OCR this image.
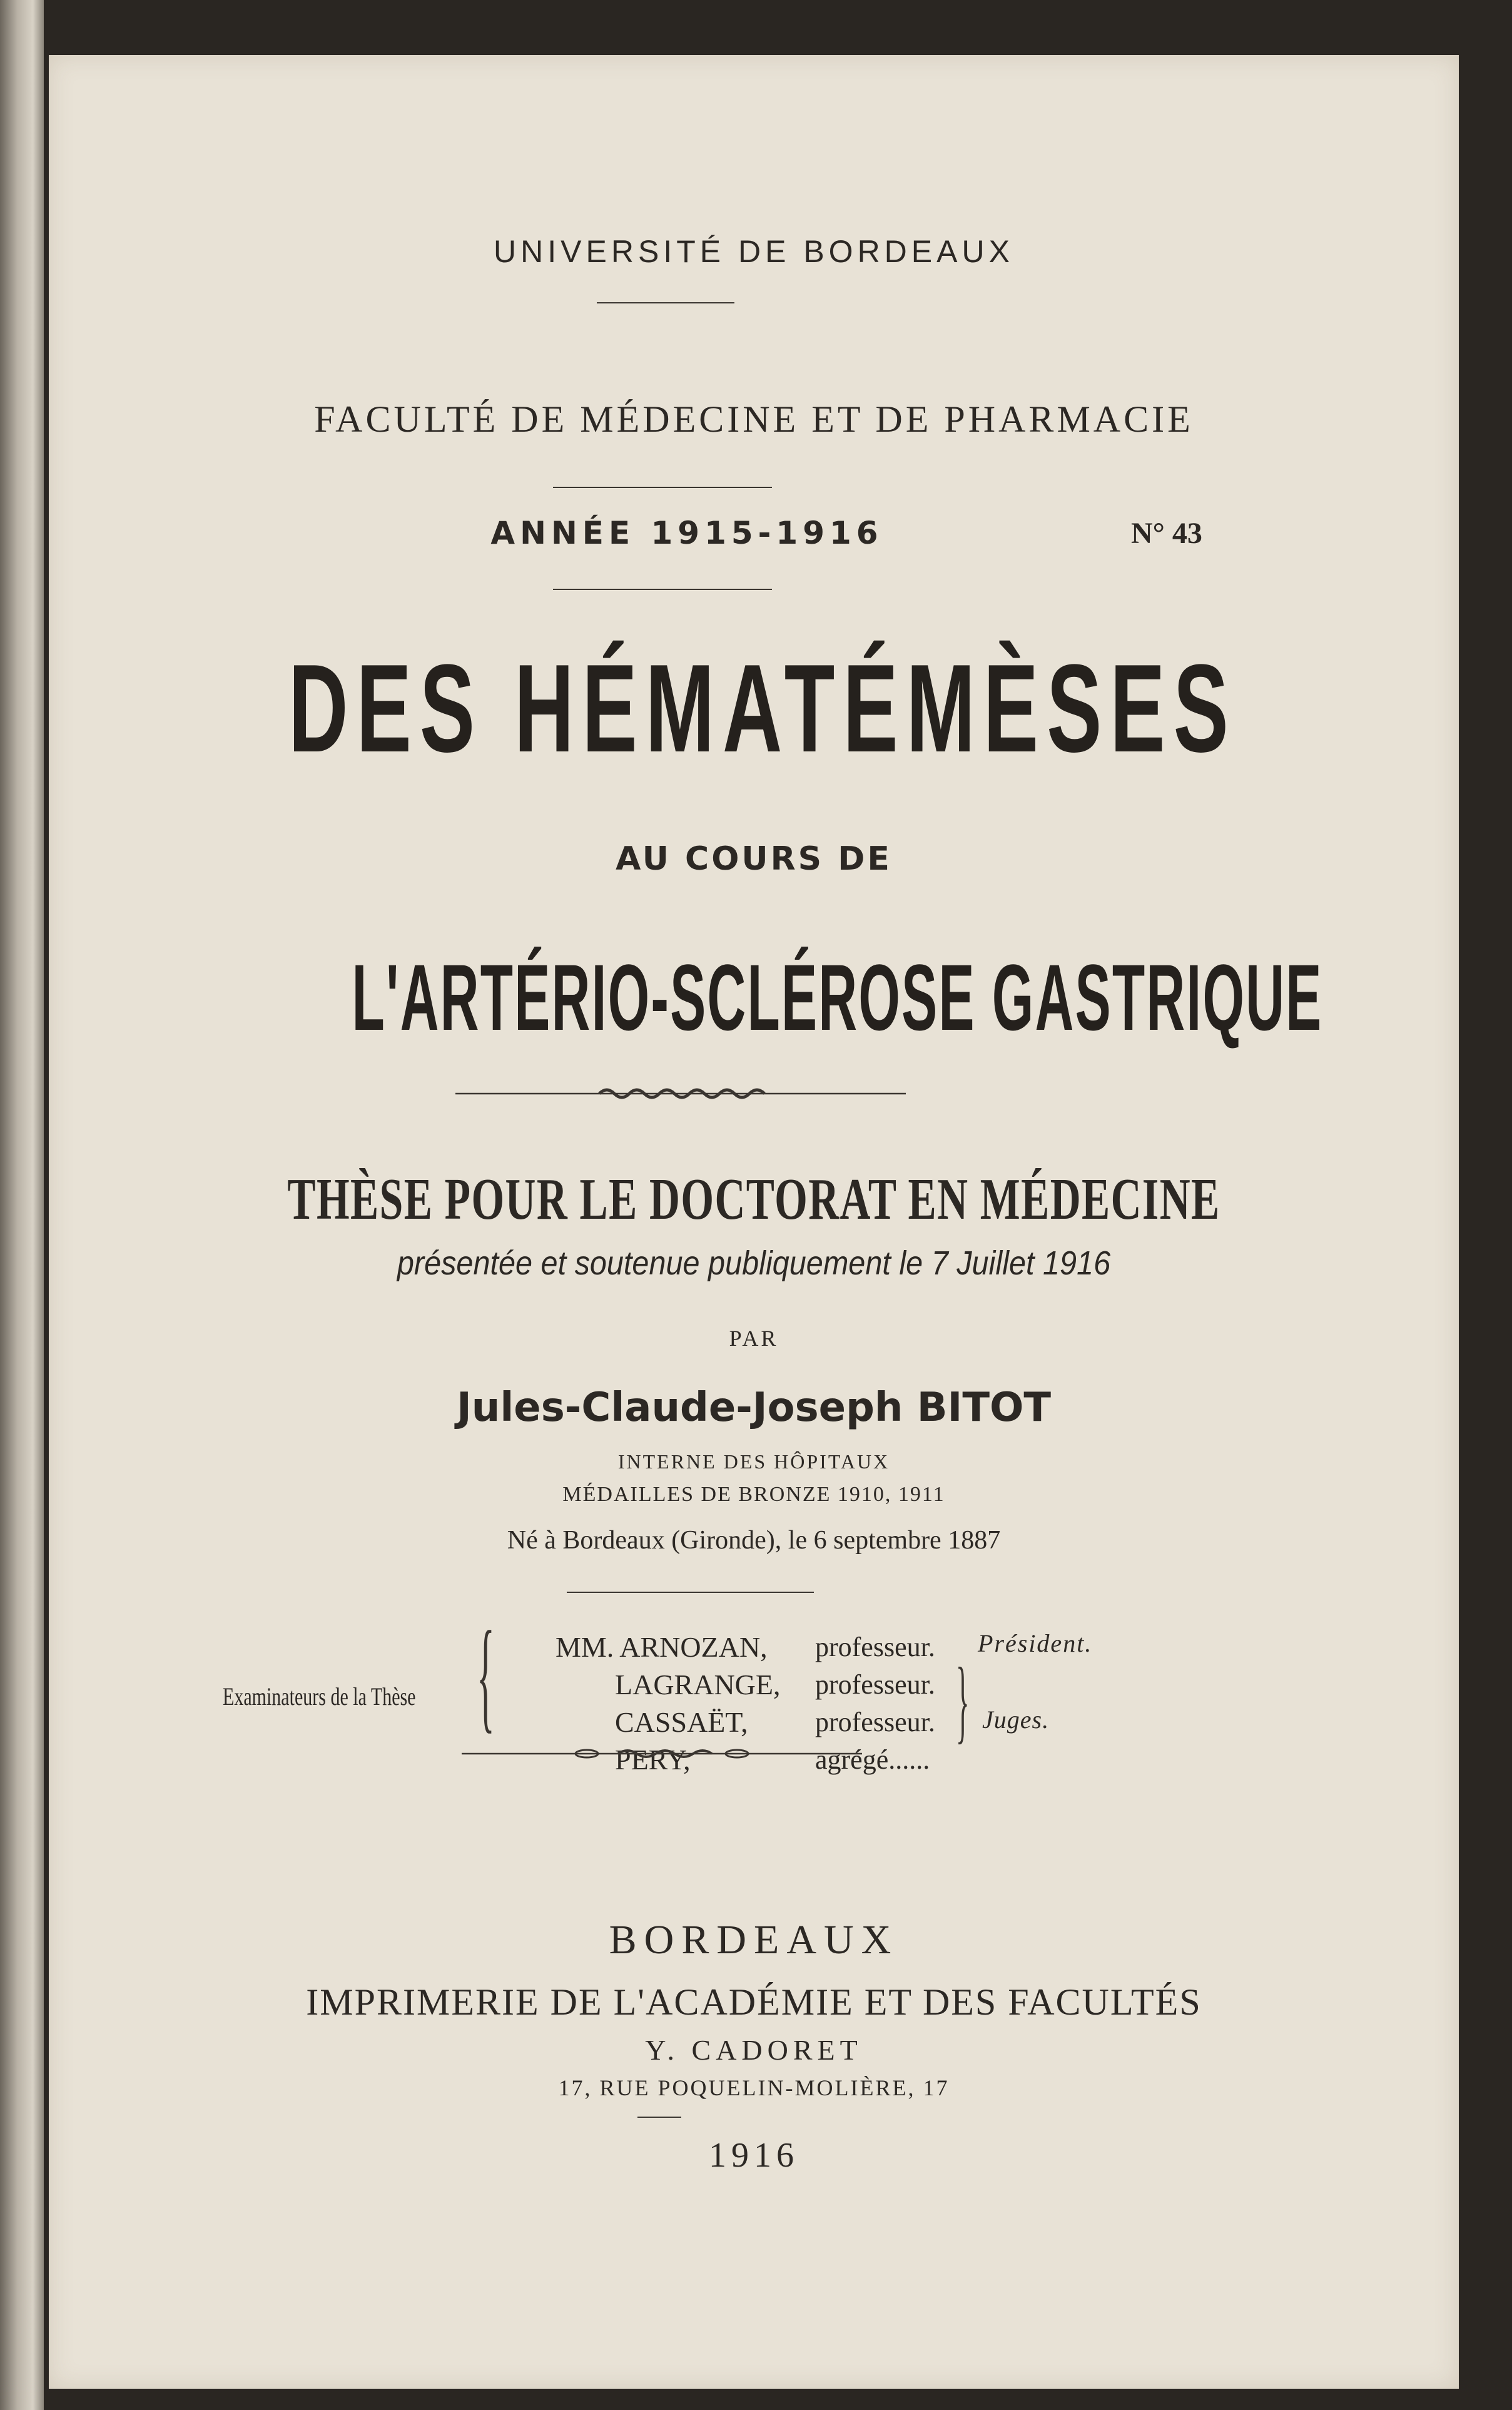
UNIVERSITÉ DE BORDEAUX
FACULTÉ DE MÉDECINE ET DE PHARMACIE
ANNÉE 1915-1916	N° 43
DES HÉMATÉMÈSES
AU COURS DE
L'ARTÉRIO-SCLÉROSE GASTRIQUE
THÈSE POUR LE DOCTORAT EN MÉDECINE
présentée et soutenue publiquement le 7 Juillet 1916
PAR
Jules-Claude-Joseph BITOT
INTERNE DES HÔPITAUX
MÉDAILLES DE BRONZE 1910, 1911
Né à Bordeaux (Gironde), le 6 septembre 1887
Examinateurs de la Thèse { MM. ARNOZAN,
LAGRANGE,
CASSAËT,
PERY,
professeur.
professeur.
professeur.
agrégé......
Président.
} Juges.
BORDEAUX
IMPRIMERIE DE L'ACADÉMIE ET DES FACULTÉS
Y. CADORET
17, RUE POQUELIN-MOLIÈRE, 17
1916
